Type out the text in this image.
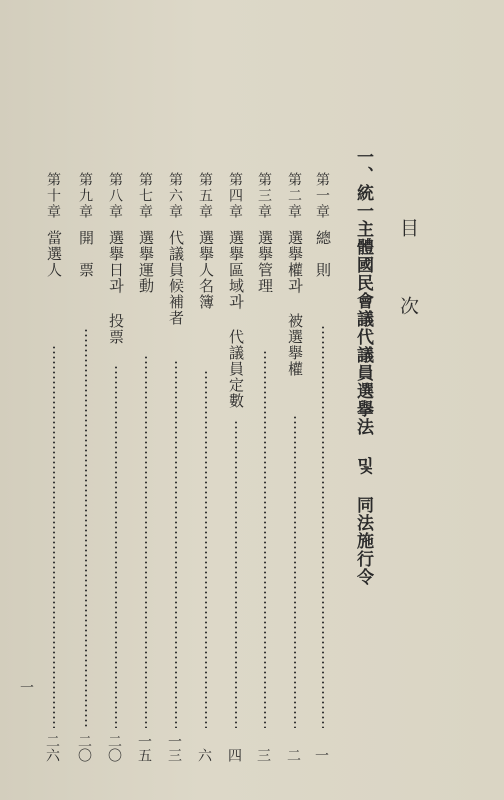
目
次
一、統一主體國民會議代議員選擧法 및 同法施行令
第一章
總　則
一
第二章
選擧權과 被選擧權
二
第三章
選擧管理
三
第四章
選擧區域과 代議員定數
四
第五章
選擧人名簿
六
第六章
代議員候補者
一三
第七章
選擧運動
一五
第八章
選擧日과 投票
二〇
第九章
開　票
二〇
第十章
當選人
二六
一
